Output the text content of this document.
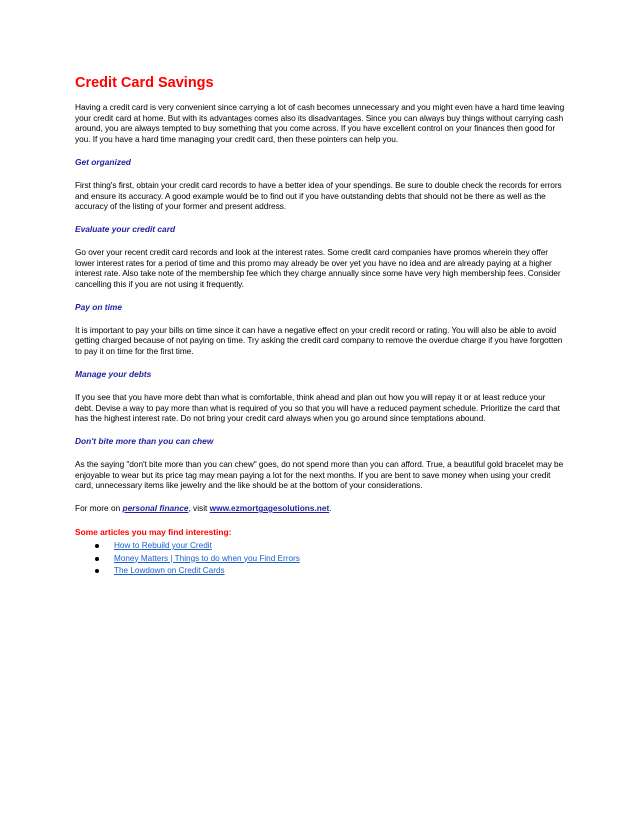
Credit Card Savings

Having a credit card is very convenient since carrying a lot of cash becomes unnecessary and you might even have a hard time leaving your credit card at home. But with its advantages comes also its disadvantages. Since you can always buy things without carrying cash around, you are always tempted to buy something that you come across. If you have excellent control on your finances then good for you. If you have a hard time managing your credit card, then these pointers can help you.

Get organized

First thing's first, obtain your credit card records to have a better idea of your spendings. Be sure to double check the records for errors and ensure its accuracy. A good example would be to find out if you have outstanding debts that should not be there as well as the accuracy of the listing of your former and present address.

Evaluate your credit card

Go over your recent credit card records and look at the interest rates. Some credit card companies have promos wherein they offer lower interest rates for a period of time and this promo may already be over yet you have no idea and are already paying at a higher interest rate. Also take note of the membership fee which they charge annually since some have very high membership fees. Consider cancelling this if you are not using it frequently.

Pay on time

It is important to pay your bills on time since it can have a negative effect on your credit record or rating. You will also be able to avoid getting charged because of not paying on time. Try asking the credit card company to remove the overdue charge if you have forgotten to pay it on time for the first time.

Manage your debts

If you see that you have more debt than what is comfortable, think ahead and plan out how you will repay it or at least reduce your debt. Devise a way to pay more than what is required of you so that you will have a reduced payment schedule. Prioritize the card that has the highest interest rate. Do not bring your credit card always when you go around since temptations abound.

Don't bite more than you can chew

As the saying "don't bite more than you can chew" goes, do not spend more than you can afford. True, a beautiful gold bracelet may be enjoyable to wear but its price tag may mean paying a lot for the next months. If you are bent to save money when using your credit card, unnecessary items like jewelry and the like should be at the bottom of your considerations.

For more on personal finance, visit www.ezmortgagesolutions.net.

Some articles you may find interesting:
How to Rebuild your Credit
Money Matters | Things to do when you Find Errors
The Lowdown on Credit Cards
